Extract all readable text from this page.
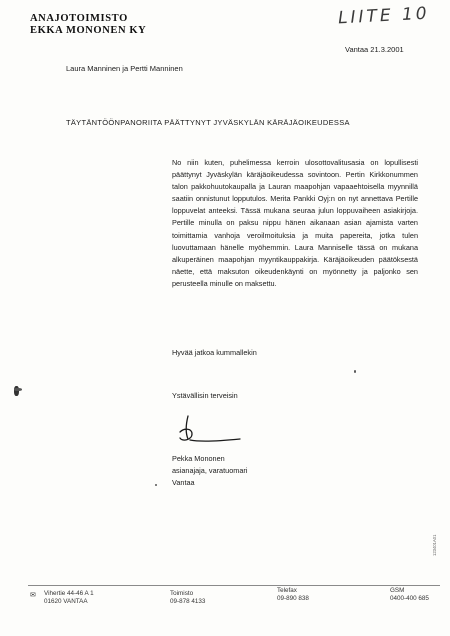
ANAJOTOIMISTO
EKKA MONONEN KY
LIITE 10
Vantaa 21.3.2001
Laura Manninen ja Pertti Manninen
TÄYTÄNTÖÖNPANORIITA PÄÄTTYNYT JYVÄSKYLÄN KÄRÄJÄOIKEUDESSA

No niin kuten, puhelimessa kerroin ulosottovalitusasia on lopullisesti päättynyt Jyväskylän käräjäoikeudessa sovintoon. Pertin Kirkkonummen talon pakkohuutokaupalla ja Lauran maapohjan vapaaehtoisella myynnillä saatiin onnistunut lopputulos. Merita Pankki Oyj:n on nyt annettava Pertille loppuvelat anteeksi. Tässä mukana seuraa julun loppuvaiheen asiakirjoja. Pertille minulla on paksu nippu hänen aikanaan asian ajamista varten toimittamia vanhoja veroilmoituksia ja muita papereita, jotka tulen luovuttamaan hänelle myöhemmin. Laura Manniselle tässä on mukana alkuperäinen maapohjan myyntikauppakirja. Käräjäoikeuden päätöksestä näette, että maksuton oikeudenkäynti on myönnetty ja paljonko sen perusteella minulle on maksettu.

Hyvää jatkoa kummallekin
Ystävällisin terveisin
Pekka Mononen
asianajaja, varatuomari
Vantaa
✉ Vihertie 44-46 A 1
01620 VANTAA
Toimisto
09-878 4133
Telefax
09-890 838
GSM
0400-400 685
123401A01
